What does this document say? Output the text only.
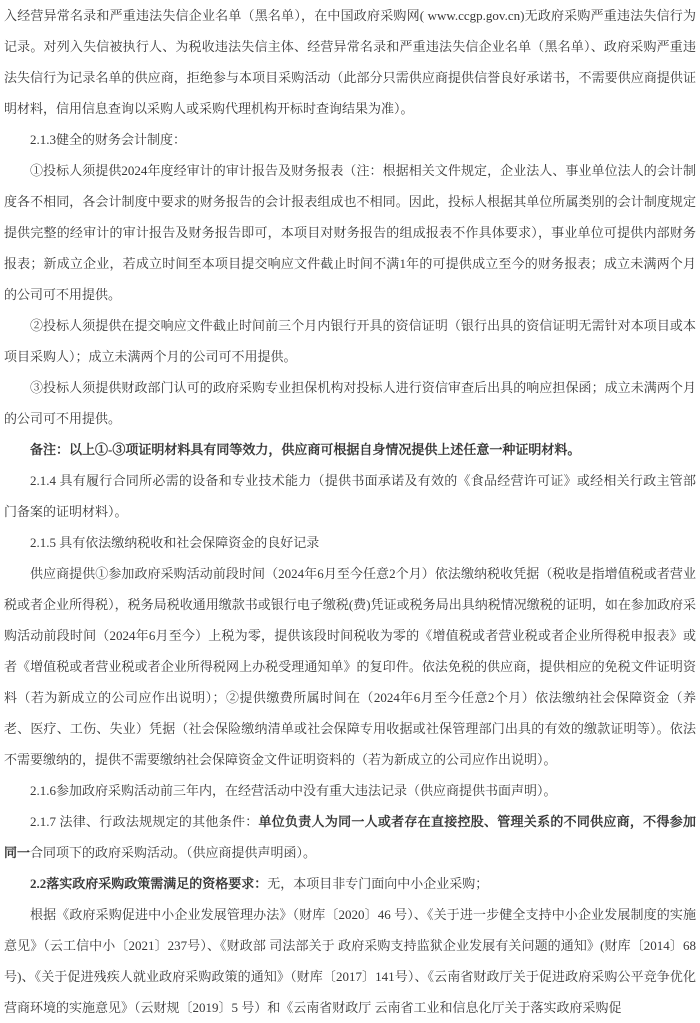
入经营异常名录和严重违法失信企业名单（黑名单），在中国政府采购网( www.ccgp.gov.cn)无政府采购严重违法失信行为记录。对列入失信被执行人、为税收违法失信主体、经营异常名录和严重违法失信企业名单（黑名单）、政府采购严重违法失信行为记录名单的供应商，拒绝参与本项目采购活动（此部分只需供应商提供信誉良好承诺书，不需要供应商提供证明材料，信用信息查询以采购人或采购代理机构开标时查询结果为准）。

2.1.3健全的财务会计制度：

①投标人须提供2024年度经审计的审计报告及财务报表（注：根据相关文件规定，企业法人、事业单位法人的会计制度各不相同，各会计制度中要求的财务报告的会计报表组成也不相同。因此，投标人根据其单位所属类别的会计制度规定提供完整的经审计的审计报告及财务报告即可，本项目对财务报告的组成报表不作具体要求），事业单位可提供内部财务报表；新成立企业，若成立时间至本项目提交响应文件截止时间不满1年的可提供成立至今的财务报表；成立未满两个月的公司可不用提供。

②投标人须提供在提交响应文件截止时间前三个月内银行开具的资信证明（银行出具的资信证明无需针对本项目或本项目采购人）；成立未满两个月的公司可不用提供。

③投标人须提供财政部门认可的政府采购专业担保机构对投标人进行资信审查后出具的响应担保函；成立未满两个月的公司可不用提供。

备注：以上①-③项证明材料具有同等效力，供应商可根据自身情况提供上述任意一种证明材料。

2.1.4 具有履行合同所必需的设备和专业技术能力（提供书面承诺及有效的《食品经营许可证》或经相关行政主管部门备案的证明材料）。

2.1.5 具有依法缴纳税收和社会保障资金的良好记录

供应商提供①参加政府采购活动前段时间（2024年6月至今任意2个月）依法缴纳税收凭据（税收是指增值税或者营业税或者企业所得税），税务局税收通用缴款书或银行电子缴税(费)凭证或税务局出具纳税情况缴税的证明，如在参加政府采购活动前段时间（2024年6月至今）上税为零，提供该段时间税收为零的《增值税或者营业税或者企业所得税申报表》或者《增值税或者营业税或者企业所得税网上办税受理通知单》的复印件。依法免税的供应商，提供相应的免税文件证明资料（若为新成立的公司应作出说明）；②提供缴费所属时间在（2024年6月至今任意2个月）依法缴纳社会保障资金（养老、医疗、工伤、失业）凭据（社会保险缴纳清单或社会保障专用收据或社保管理部门出具的有效的缴款证明等）。依法不需要缴纳的，提供不需要缴纳社会保障资金文件证明资料的（若为新成立的公司应作出说明）。

2.1.6参加政府采购活动前三年内，在经营活动中没有重大违法记录（供应商提供书面声明）。

2.1.7 法律、行政法规规定的其他条件：单位负责人为同一人或者存在直接控股、管理关系的不同供应商，不得参加同一合同项下的政府采购活动。（供应商提供声明函）。

2.2落实政府采购政策需满足的资格要求：无，本项目非专门面向中小企业采购；

根据《政府采购促进中小企业发展管理办法》（财库〔2020〕46 号）、《关于进一步健全支持中小企业发展制度的实施意见》（云工信中小〔2021〕237号）、《财政部 司法部关于 政府采购支持监狱企业发展有关问题的通知》(财库〔2014〕68 号)、《关于促进残疾人就业政府采购政策的通知》（财库〔2017〕141号）、《云南省财政厅关于促进政府采购公平竞争优化营商环境的实施意见》（云财规〔2019〕5 号）和《云南省财政厅 云南省工业和信息化厅关于落实政府采购促
